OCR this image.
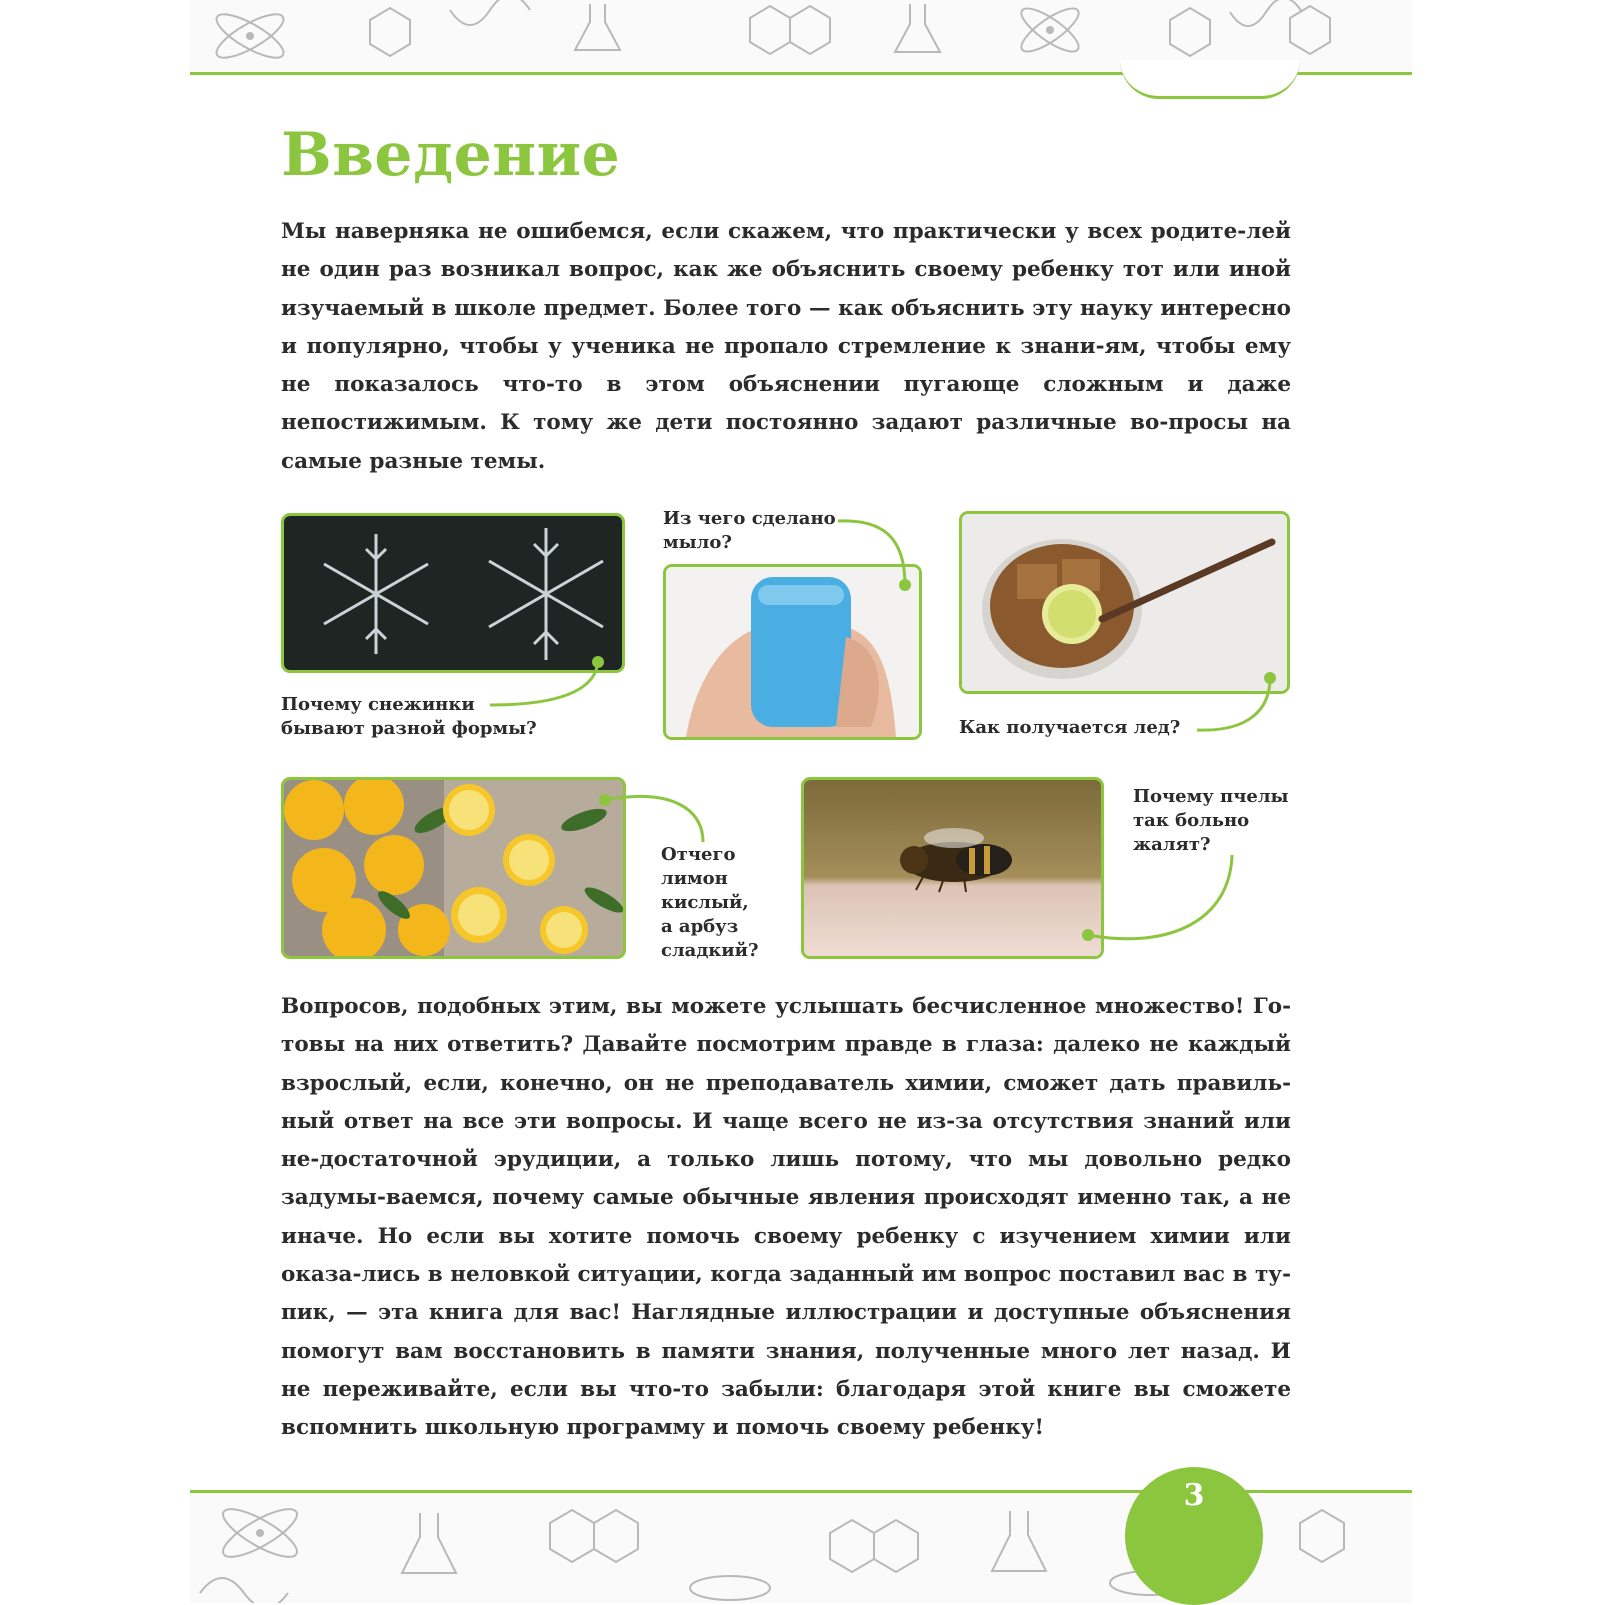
Введение

Мы наверняка не ошибемся, если скажем, что практически у всех родите-лей не один раз возникал вопрос, как же объяснить своему ребенку тот или иной изучаемый в школе предмет. Более того — как объяснить эту науку интересно и популярно, чтобы у ученика не пропало стремление к знани-ям, чтобы ему не показалось что-то в этом объяснении пугающе сложным и даже непостижимым. К тому же дети постоянно задают различные во-просы на самые разные темы.

Почему снежинки
бывают разной формы?

Из чего сделано
мыло?

Как получается лед?

Отчего
лимон
кислый,
а арбуз
сладкий?

Почему пчелы
так больно
жалят?

Вопросов, подобных этим, вы можете услышать бесчисленное множество! Го-товы на них ответить? Давайте посмотрим правде в глаза: далеко не каждый взрослый, если, конечно, он не преподаватель химии, сможет дать правиль-ный ответ на все эти вопросы. И чаще всего не из-за отсутствия знаний или не-достаточной эрудиции, а только лишь потому, что мы довольно редко задумы-ваемся, почему самые обычные явления происходят именно так, а не иначе. Но если вы хотите помочь своему ребенку с изучением химии или оказа-лись в неловкой ситуации, когда заданный им вопрос поставил вас в ту-пик, — эта книга для вас! Наглядные иллюстрации и доступные объяснения помогут вам восстановить в памяти знания, полученные много лет назад. И не переживайте, если вы что-то забыли: благодаря этой книге вы сможете вспомнить школьную программу и помочь своему ребенку!

3
